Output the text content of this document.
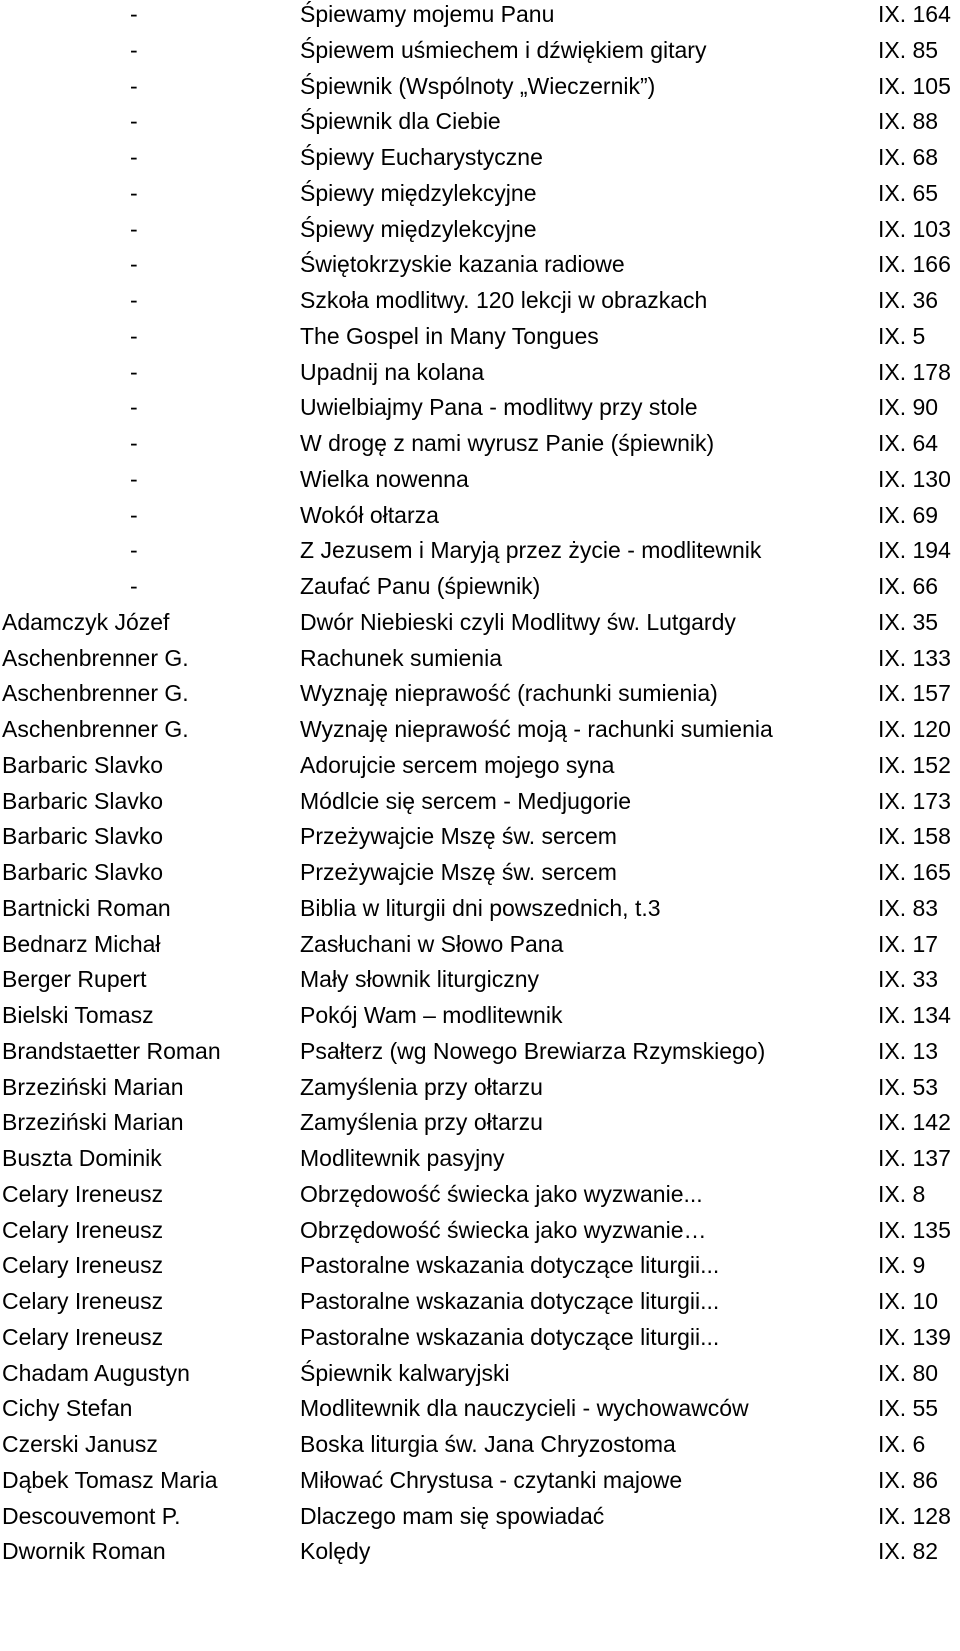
-	Śpiewamy mojemu Panu	IX. 164
-	Śpiewem uśmiechem i dźwiękiem gitary	IX. 85
-	Śpiewnik (Wspólnoty „Wieczernik”)	IX. 105
-	Śpiewnik dla Ciebie	IX. 88
-	Śpiewy Eucharystyczne	IX. 68
-	Śpiewy międzylekcyjne	IX. 65
-	Śpiewy międzylekcyjne	IX. 103
-	Świętokrzyskie kazania radiowe	IX. 166
-	Szkoła modlitwy. 120 lekcji w obrazkach	IX. 36
-	The Gospel in Many Tongues	IX. 5
-	Upadnij na kolana	IX. 178
-	Uwielbiajmy Pana - modlitwy przy stole	IX. 90
-	W drogę z nami wyrusz Panie (śpiewnik)	IX. 64
-	Wielka nowenna	IX. 130
-	Wokół ołtarza	IX. 69
-	Z Jezusem i Maryją przez życie - modlitewnik	IX. 194
-	Zaufać Panu (śpiewnik)	IX. 66
Adamczyk Józef	Dwór Niebieski czyli Modlitwy św. Lutgardy	IX. 35
Aschenbrenner G.	Rachunek sumienia	IX. 133
Aschenbrenner G.	Wyznaję nieprawość (rachunki sumienia)	IX. 157
Aschenbrenner G.	Wyznaję nieprawość moją - rachunki sumienia	IX. 120
Barbaric Slavko	Adorujcie sercem mojego syna	IX. 152
Barbaric Slavko	Módlcie się sercem - Medjugorie	IX. 173
Barbaric Slavko	Przeżywajcie Mszę św. sercem	IX. 158
Barbaric Slavko	Przeżywajcie Mszę św. sercem	IX. 165
Bartnicki Roman	Biblia w liturgii dni powszednich, t.3	IX. 83
Bednarz Michał	Zasłuchani w Słowo Pana	IX. 17
Berger Rupert	Mały słownik liturgiczny	IX. 33
Bielski Tomasz	Pokój Wam – modlitewnik	IX. 134
Brandstaetter Roman	Psałterz (wg Nowego Brewiarza Rzymskiego)	IX. 13
Brzeziński Marian	Zamyślenia przy ołtarzu	IX. 53
Brzeziński Marian	Zamyślenia przy ołtarzu	IX. 142
Buszta Dominik	Modlitewnik pasyjny	IX. 137
Celary Ireneusz	Obrzędowość świecka jako wyzwanie...	IX. 8
Celary Ireneusz	Obrzędowość świecka jako wyzwanie…	IX. 135
Celary Ireneusz	Pastoralne wskazania dotyczące liturgii...	IX. 9
Celary Ireneusz	Pastoralne wskazania dotyczące liturgii...	IX. 10
Celary Ireneusz	Pastoralne wskazania dotyczące liturgii...	IX. 139
Chadam Augustyn	Śpiewnik kalwaryjski	IX. 80
Cichy Stefan	Modlitewnik dla nauczycieli - wychowawców	IX. 55
Czerski Janusz	Boska liturgia św. Jana Chryzostoma	IX. 6
Dąbek Tomasz Maria	Miłować Chrystusa - czytanki majowe	IX. 86
Descouvemont P.	Dlaczego mam się spowiadać	IX. 128
Dwornik Roman	Kolędy	IX. 82
